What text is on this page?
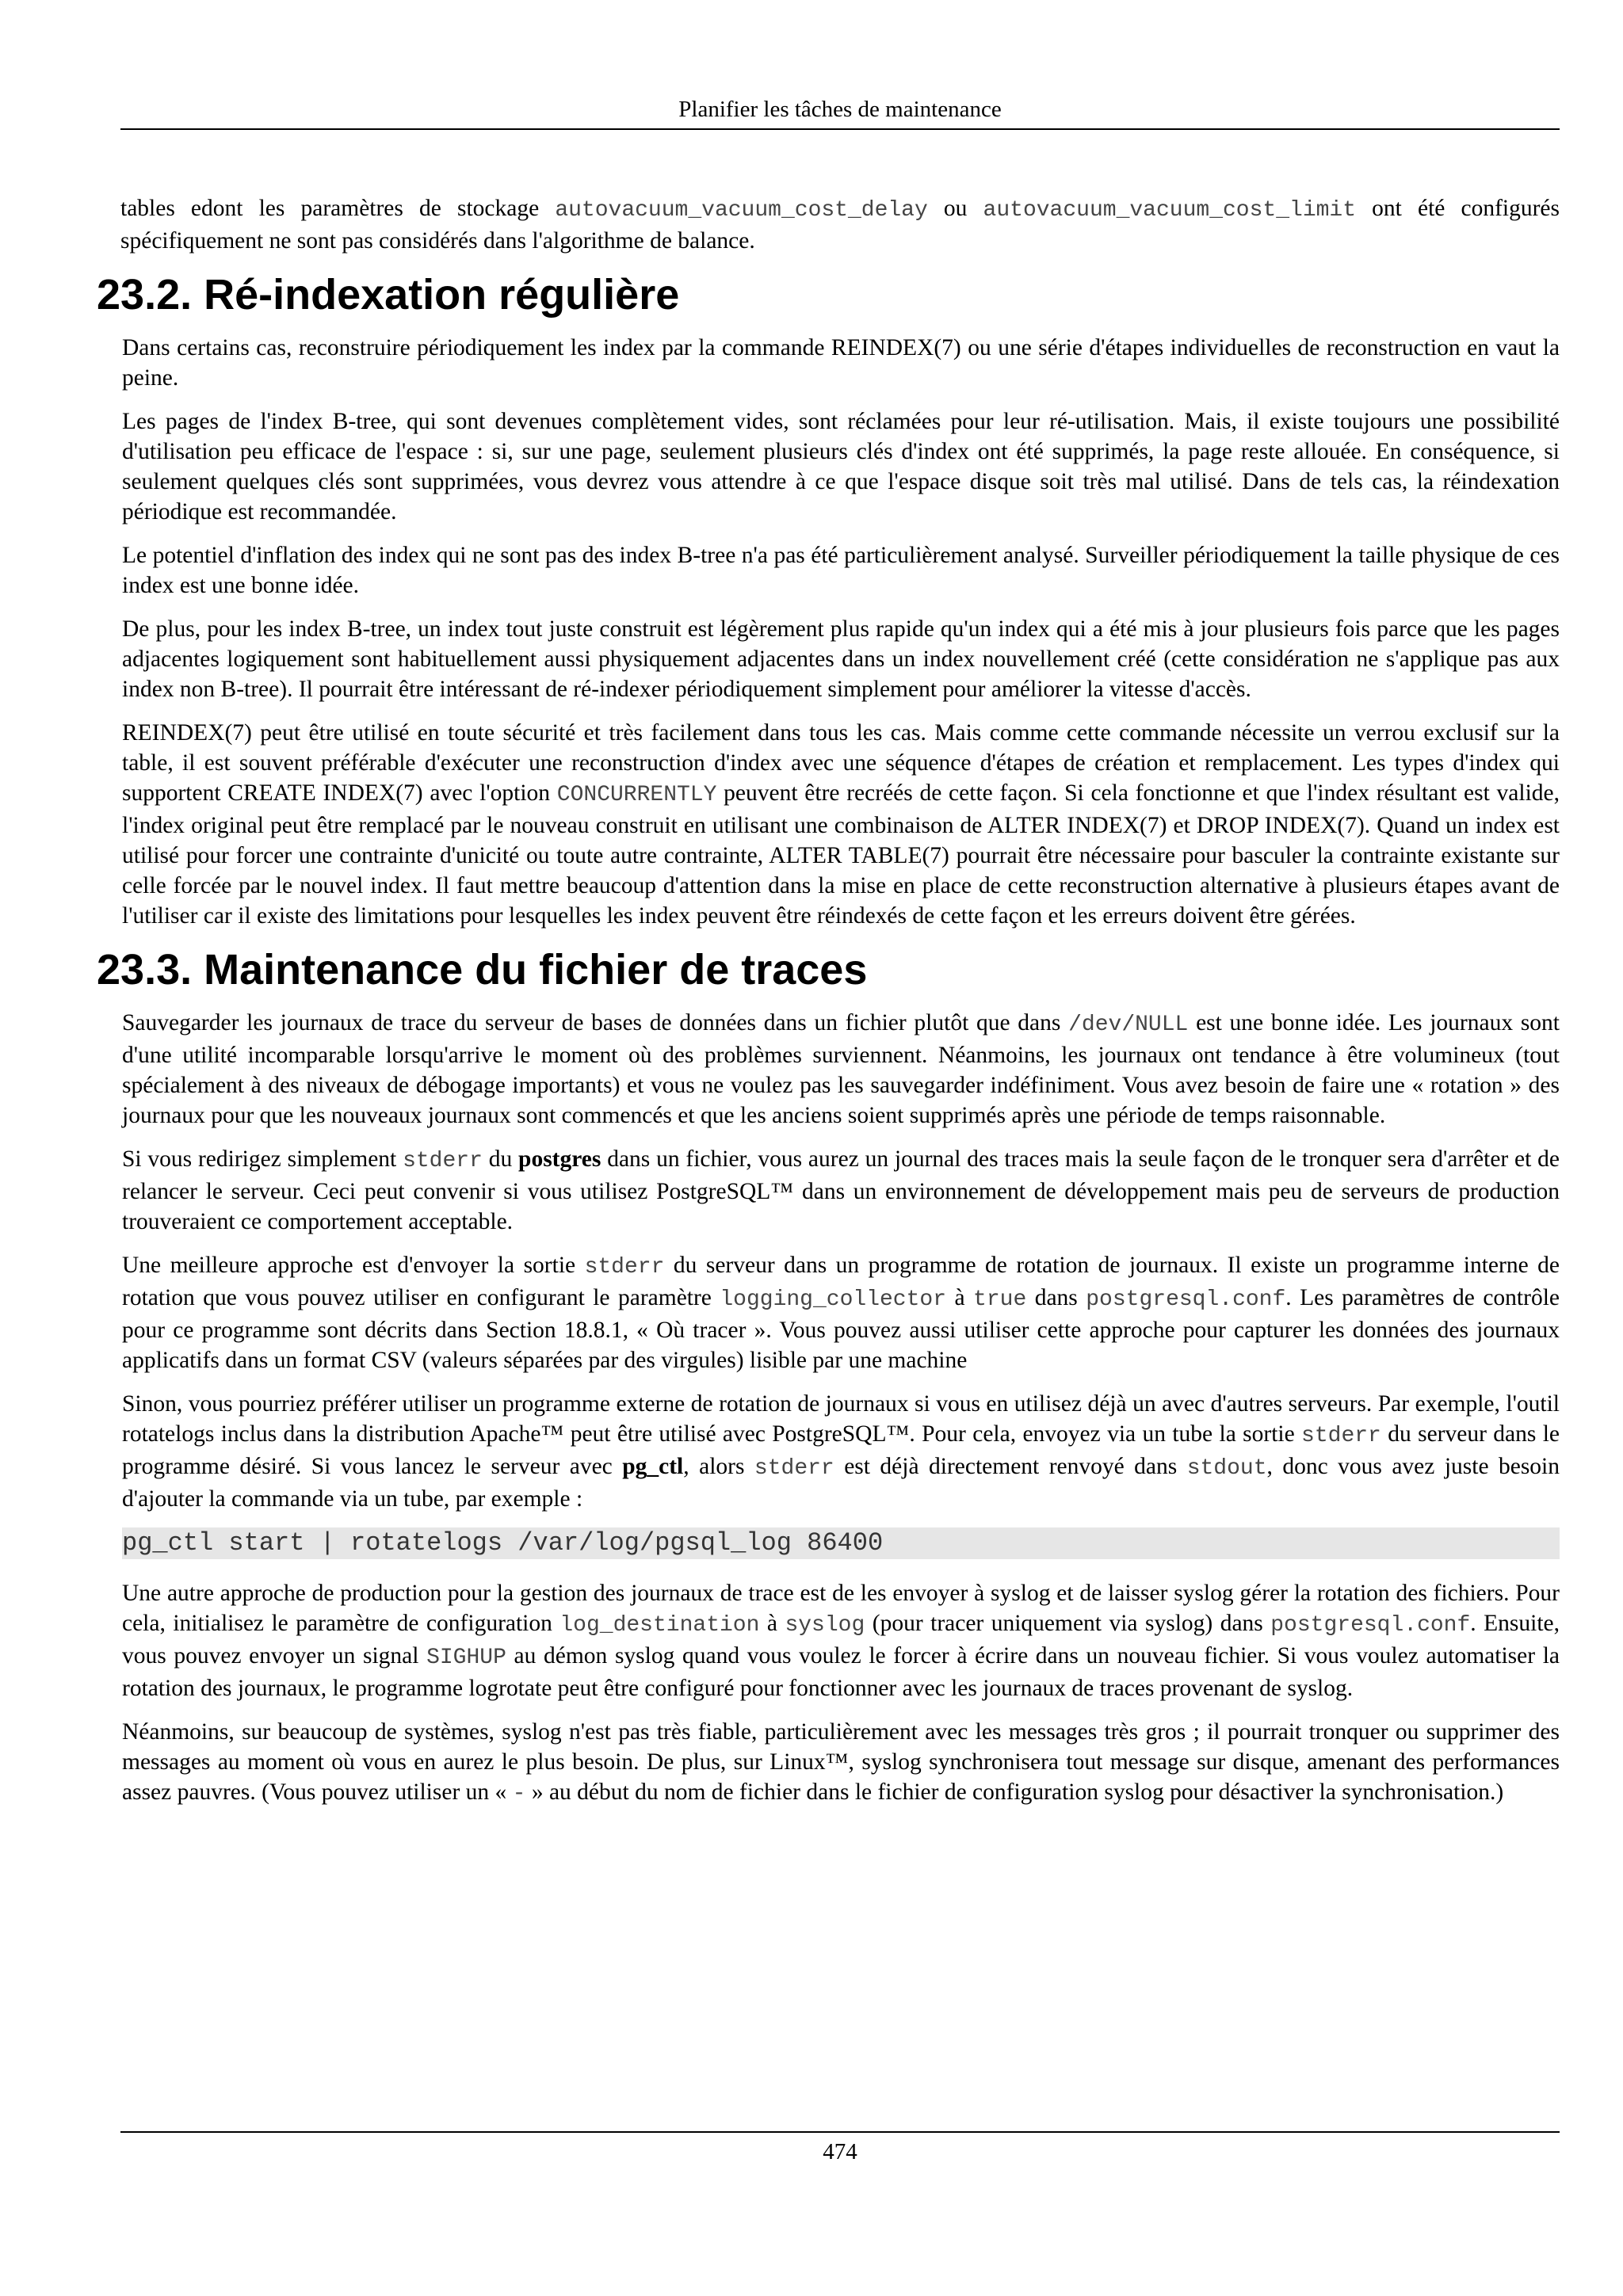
Planifier les tâches de maintenance

tables edont les paramètres de stockage autovacuum_vacuum_cost_delay ou autovacuum_vacuum_cost_limit ont été configurés spécifiquement ne sont pas considérés dans l'algorithme de balance.

23.2. Ré-indexation régulière

Dans certains cas, reconstruire périodiquement les index par la commande REINDEX(7) ou une série d'étapes individuelles de reconstruction en vaut la peine.

Les pages de l'index B-tree, qui sont devenues complètement vides, sont réclamées pour leur ré-utilisation. Mais, il existe toujours une possibilité d'utilisation peu efficace de l'espace : si, sur une page, seulement plusieurs clés d'index ont été supprimés, la page reste allouée. En conséquence, si seulement quelques clés sont supprimées, vous devrez vous attendre à ce que l'espace disque soit très mal utilisé. Dans de tels cas, la réindexation périodique est recommandée.

Le potentiel d'inflation des index qui ne sont pas des index B-tree n'a pas été particulièrement analysé. Surveiller périodiquement la taille physique de ces index est une bonne idée.

De plus, pour les index B-tree, un index tout juste construit est légèrement plus rapide qu'un index qui a été mis à jour plusieurs fois parce que les pages adjacentes logiquement sont habituellement aussi physiquement adjacentes dans un index nouvellement créé (cette considération ne s'applique pas aux index non B-tree). Il pourrait être intéressant de ré-indexer périodiquement simplement pour améliorer la vitesse d'accès.

REINDEX(7) peut être utilisé en toute sécurité et très facilement dans tous les cas. Mais comme cette commande nécessite un verrou exclusif sur la table, il est souvent préférable d'exécuter une reconstruction d'index avec une séquence d'étapes de création et remplacement. Les types d'index qui supportent CREATE INDEX(7) avec l'option CONCURRENTLY peuvent être recréés de cette façon. Si cela fonctionne et que l'index résultant est valide, l'index original peut être remplacé par le nouveau construit en utilisant une combinaison de ALTER INDEX(7) et DROP INDEX(7). Quand un index est utilisé pour forcer une contrainte d'unicité ou toute autre contrainte, ALTER TABLE(7) pourrait être nécessaire pour basculer la contrainte existante sur celle forcée par le nouvel index. Il faut mettre beaucoup d'attention dans la mise en place de cette reconstruction alternative à plusieurs étapes avant de l'utiliser car il existe des limitations pour lesquelles les index peuvent être réindexés de cette façon et les erreurs doivent être gérées.

23.3. Maintenance du fichier de traces

Sauvegarder les journaux de trace du serveur de bases de données dans un fichier plutôt que dans /dev/NULL est une bonne idée. Les journaux sont d'une utilité incomparable lorsqu'arrive le moment où des problèmes surviennent. Néanmoins, les journaux ont tendance à être volumineux (tout spécialement à des niveaux de débogage importants) et vous ne voulez pas les sauvegarder indéfiniment. Vous avez besoin de faire une « rotation » des journaux pour que les nouveaux journaux sont commencés et que les anciens soient supprimés après une période de temps raisonnable.

Si vous redirigez simplement stderr du postgres dans un fichier, vous aurez un journal des traces mais la seule façon de le tronquer sera d'arrêter et de relancer le serveur. Ceci peut convenir si vous utilisez PostgreSQL™ dans un environnement de développement mais peu de serveurs de production trouveraient ce comportement acceptable.

Une meilleure approche est d'envoyer la sortie stderr du serveur dans un programme de rotation de journaux. Il existe un programme interne de rotation que vous pouvez utiliser en configurant le paramètre logging_collector à true dans postgresql.conf. Les paramètres de contrôle pour ce programme sont décrits dans Section 18.8.1, « Où tracer ». Vous pouvez aussi utiliser cette approche pour capturer les données des journaux applicatifs dans un format CSV (valeurs séparées par des virgules) lisible par une machine

Sinon, vous pourriez préférer utiliser un programme externe de rotation de journaux si vous en utilisez déjà un avec d'autres serveurs. Par exemple, l'outil rotatelogs inclus dans la distribution Apache™ peut être utilisé avec PostgreSQL™. Pour cela, envoyez via un tube la sortie stderr du serveur dans le programme désiré. Si vous lancez le serveur avec pg_ctl, alors stderr est déjà directement renvoyé dans stdout, donc vous avez juste besoin d'ajouter la commande via un tube, par exemple :

pg_ctl start | rotatelogs /var/log/pgsql_log 86400

Une autre approche de production pour la gestion des journaux de trace est de les envoyer à syslog et de laisser syslog gérer la rotation des fichiers. Pour cela, initialisez le paramètre de configuration log_destination à syslog (pour tracer uniquement via syslog) dans postgresql.conf. Ensuite, vous pouvez envoyer un signal SIGHUP au démon syslog quand vous voulez le forcer à écrire dans un nouveau fichier. Si vous voulez automatiser la rotation des journaux, le programme logrotate peut être configuré pour fonctionner avec les journaux de traces provenant de syslog.

Néanmoins, sur beaucoup de systèmes, syslog n'est pas très fiable, particulièrement avec les messages très gros ; il pourrait tronquer ou supprimer des messages au moment où vous en aurez le plus besoin. De plus, sur Linux™, syslog synchronisera tout message sur disque, amenant des performances assez pauvres. (Vous pouvez utiliser un « - » au début du nom de fichier dans le fichier de configuration syslog pour désactiver la synchronisation.)

474
